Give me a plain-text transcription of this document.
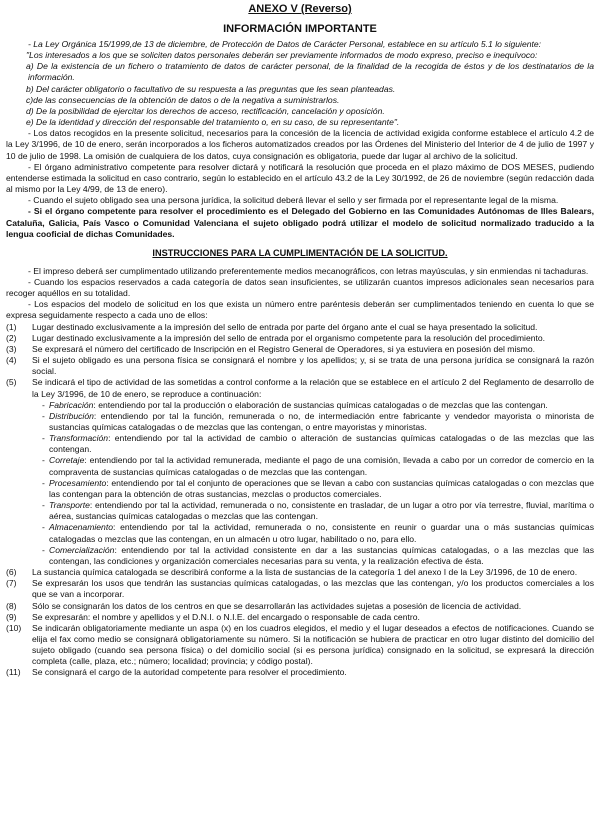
ANEXO V (Reverso)

INFORMACIÓN IMPORTANTE

- La Ley Orgánica 15/1999,de 13 de diciembre, de Protección de Datos de Carácter Personal, establece en su artículo 5.1 lo siguiente:

"Los interesados a los que se soliciten datos personales deberán ser previamente informados de modo expreso, preciso e inequívoco:

a) De la existencia de un fichero o tratamiento de datos de carácter personal, de la finalidad de la recogida de éstos y de los destinatarios de la información.

b) Del carácter obligatorio o facultativo de su respuesta a las preguntas que les sean planteadas.

c)de las consecuencias de la obtención de datos o de la negativa a suministrarlos.

d) De la posibilidad de ejercitar los derechos de acceso, rectificación, cancelación y oposición.

e) De la identidad y dirección del responsable del tratamiento o, en su caso, de su representante".

- Los datos recogidos en la presente solicitud, necesarios para la concesión de la licencia de actividad exigida conforme establece el artículo 4.2 de la Ley 3/1996, de 10 de enero, serán incorporados a los ficheros automatizados creados por las Órdenes del Ministerio del Interior de 4 de julio de 1997 y 10 de julio de 1998. La omisión de cualquiera de los datos, cuya consignación es obligatoria, puede dar lugar al archivo de la solicitud.

- El órgano administrativo competente para resolver dictará y notificará la resolución que proceda en el plazo máximo de DOS MESES, pudiendo entenderse estimada la solicitud en caso contrario, según lo establecido en el artículo 43.2 de la Ley 30/1992, de 26 de noviembre (según redacción dada al mismo por la Ley 4/99, de 13 de enero).

- Cuando el sujeto obligado sea una persona jurídica, la solicitud deberá llevar el sello y ser firmada por el representante legal de la misma.

- Si el órgano competente para resolver el procedimiento es el Delegado del Gobierno en las Comunidades Autónomas de Illes Balears, Cataluña, Galicia, País Vasco o Comunidad Valenciana el sujeto obligado podrá utilizar el modelo de solicitud normalizado traducido a la lengua cooficial de dichas Comunidades.

INSTRUCCIONES PARA LA CUMPLIMENTACIÓN DE LA SOLICITUD.

- El impreso deberá ser cumplimentado utilizando preferentemente medios mecanográficos, con letras mayúsculas, y sin enmiendas ni tachaduras.

- Cuando los espacios reservados a cada categoría de datos sean insuficientes, se utilizarán cuantos impresos adicionales sean necesarios para recoger aquéllos en su totalidad.

- Los espacios del modelo de solicitud en los que exista un número entre paréntesis deberán ser cumplimentados teniendo en cuenta lo que se expresa seguidamente respecto a cada uno de ellos:

(1)	Lugar destinado exclusivamente a la impresión del sello de entrada por parte del órgano ante el cual se haya presentado la solicitud.
(2)	Lugar destinado exclusivamente a la impresión del sello de entrada por el organismo competente para la resolución del procedimiento.
(3)	Se expresará el número del certificado de Inscripción en el Registro General de Operadores, si ya estuviera en posesión del mismo.
(4)	Si el sujeto obligado es una persona física se consignará el nombre y los apellidos; y, si se trata de una persona jurídica se consignará la razón social.
(5)	Se indicará el tipo de actividad de las sometidas a control conforme a la relación que se establece en el artículo 2 del Reglamento de desarrollo de la Ley 3/1996, de 10 de enero, se reproduce a continuación:
- Fabricación: entendiendo por tal la producción o elaboración de sustancias químicas catalogadas o de mezclas que las contengan.
- Distribución: entendiendo por tal la función, remunerada o no, de intermediación entre fabricante y vendedor mayorista o minorista de sustancias químicas catalogadas o de mezclas que las contengan, o entre mayoristas y minoristas.
- Transformación: entendiendo por tal la actividad de cambio o alteración de sustancias químicas catalogadas o de las mezclas que las contengan.
- Corretaje: entendiendo por tal la actividad remunerada, mediante el pago de una comisión, llevada a cabo por un corredor de comercio en la compraventa de sustancias químicas catalogadas o de mezclas que las contengan.
- Procesamiento: entendiendo por tal el conjunto de operaciones que se llevan a cabo con sustancias químicas catalogadas o con mezclas que las contengan para la obtención de otras sustancias, mezclas o productos comerciales.
- Transporte: entendiendo por tal la actividad, remunerada o no, consistente en trasladar, de un lugar a otro por vía terrestre, fluvial, marítima o aérea, sustancias químicas catalogadas o mezclas que las contengan.
- Almacenamiento: entendiendo por tal la actividad, remunerada o no, consistente en reunir o guardar una o más sustancias químicas catalogadas o mezclas que las contengan, en un almacén u otro lugar, habilitado o no, para ello.
- Comercialización: entendiendo por tal la actividad consistente en dar a las sustancias químicas catalogadas, o a las mezclas que las contengan, las condiciones y organización comerciales necesarias para su venta, y la realización efectiva de ésta.
(6)	La sustancia química catalogada se describirá conforme a la lista de sustancias de la categoría 1 del anexo I de la Ley 3/1996, de 10 de enero.
(7)	Se expresarán los usos que tendrán las sustancias químicas catalogadas, o las mezclas que las contengan, y/o los productos comerciales a los que se van a incorporar.
(8)	Sólo se consignarán los datos de los centros en que se desarrollarán las actividades sujetas a posesión de licencia de actividad.
(9)	Se expresarán: el nombre y apellidos y el D.N.I. o N.I.E. del encargado o responsable de cada centro.
(10)	Se indicarán obligatoriamente mediante un aspa (x) en los cuadros elegidos, el medio y el lugar deseados a efectos de notificaciones. Cuando se elija el fax como medio se consignará obligatoriamente su número. Si la notificación se hubiera de practicar en otro lugar distinto del domicilio del sujeto obligado (cuando sea persona física) o del domicilio social (si es persona jurídica) consignado en la solicitud, se expresará la dirección completa (calle, plaza, etc.; número; localidad; provincia; y código postal).
(11)	Se consignará el cargo de la autoridad competente para resolver el procedimiento.
